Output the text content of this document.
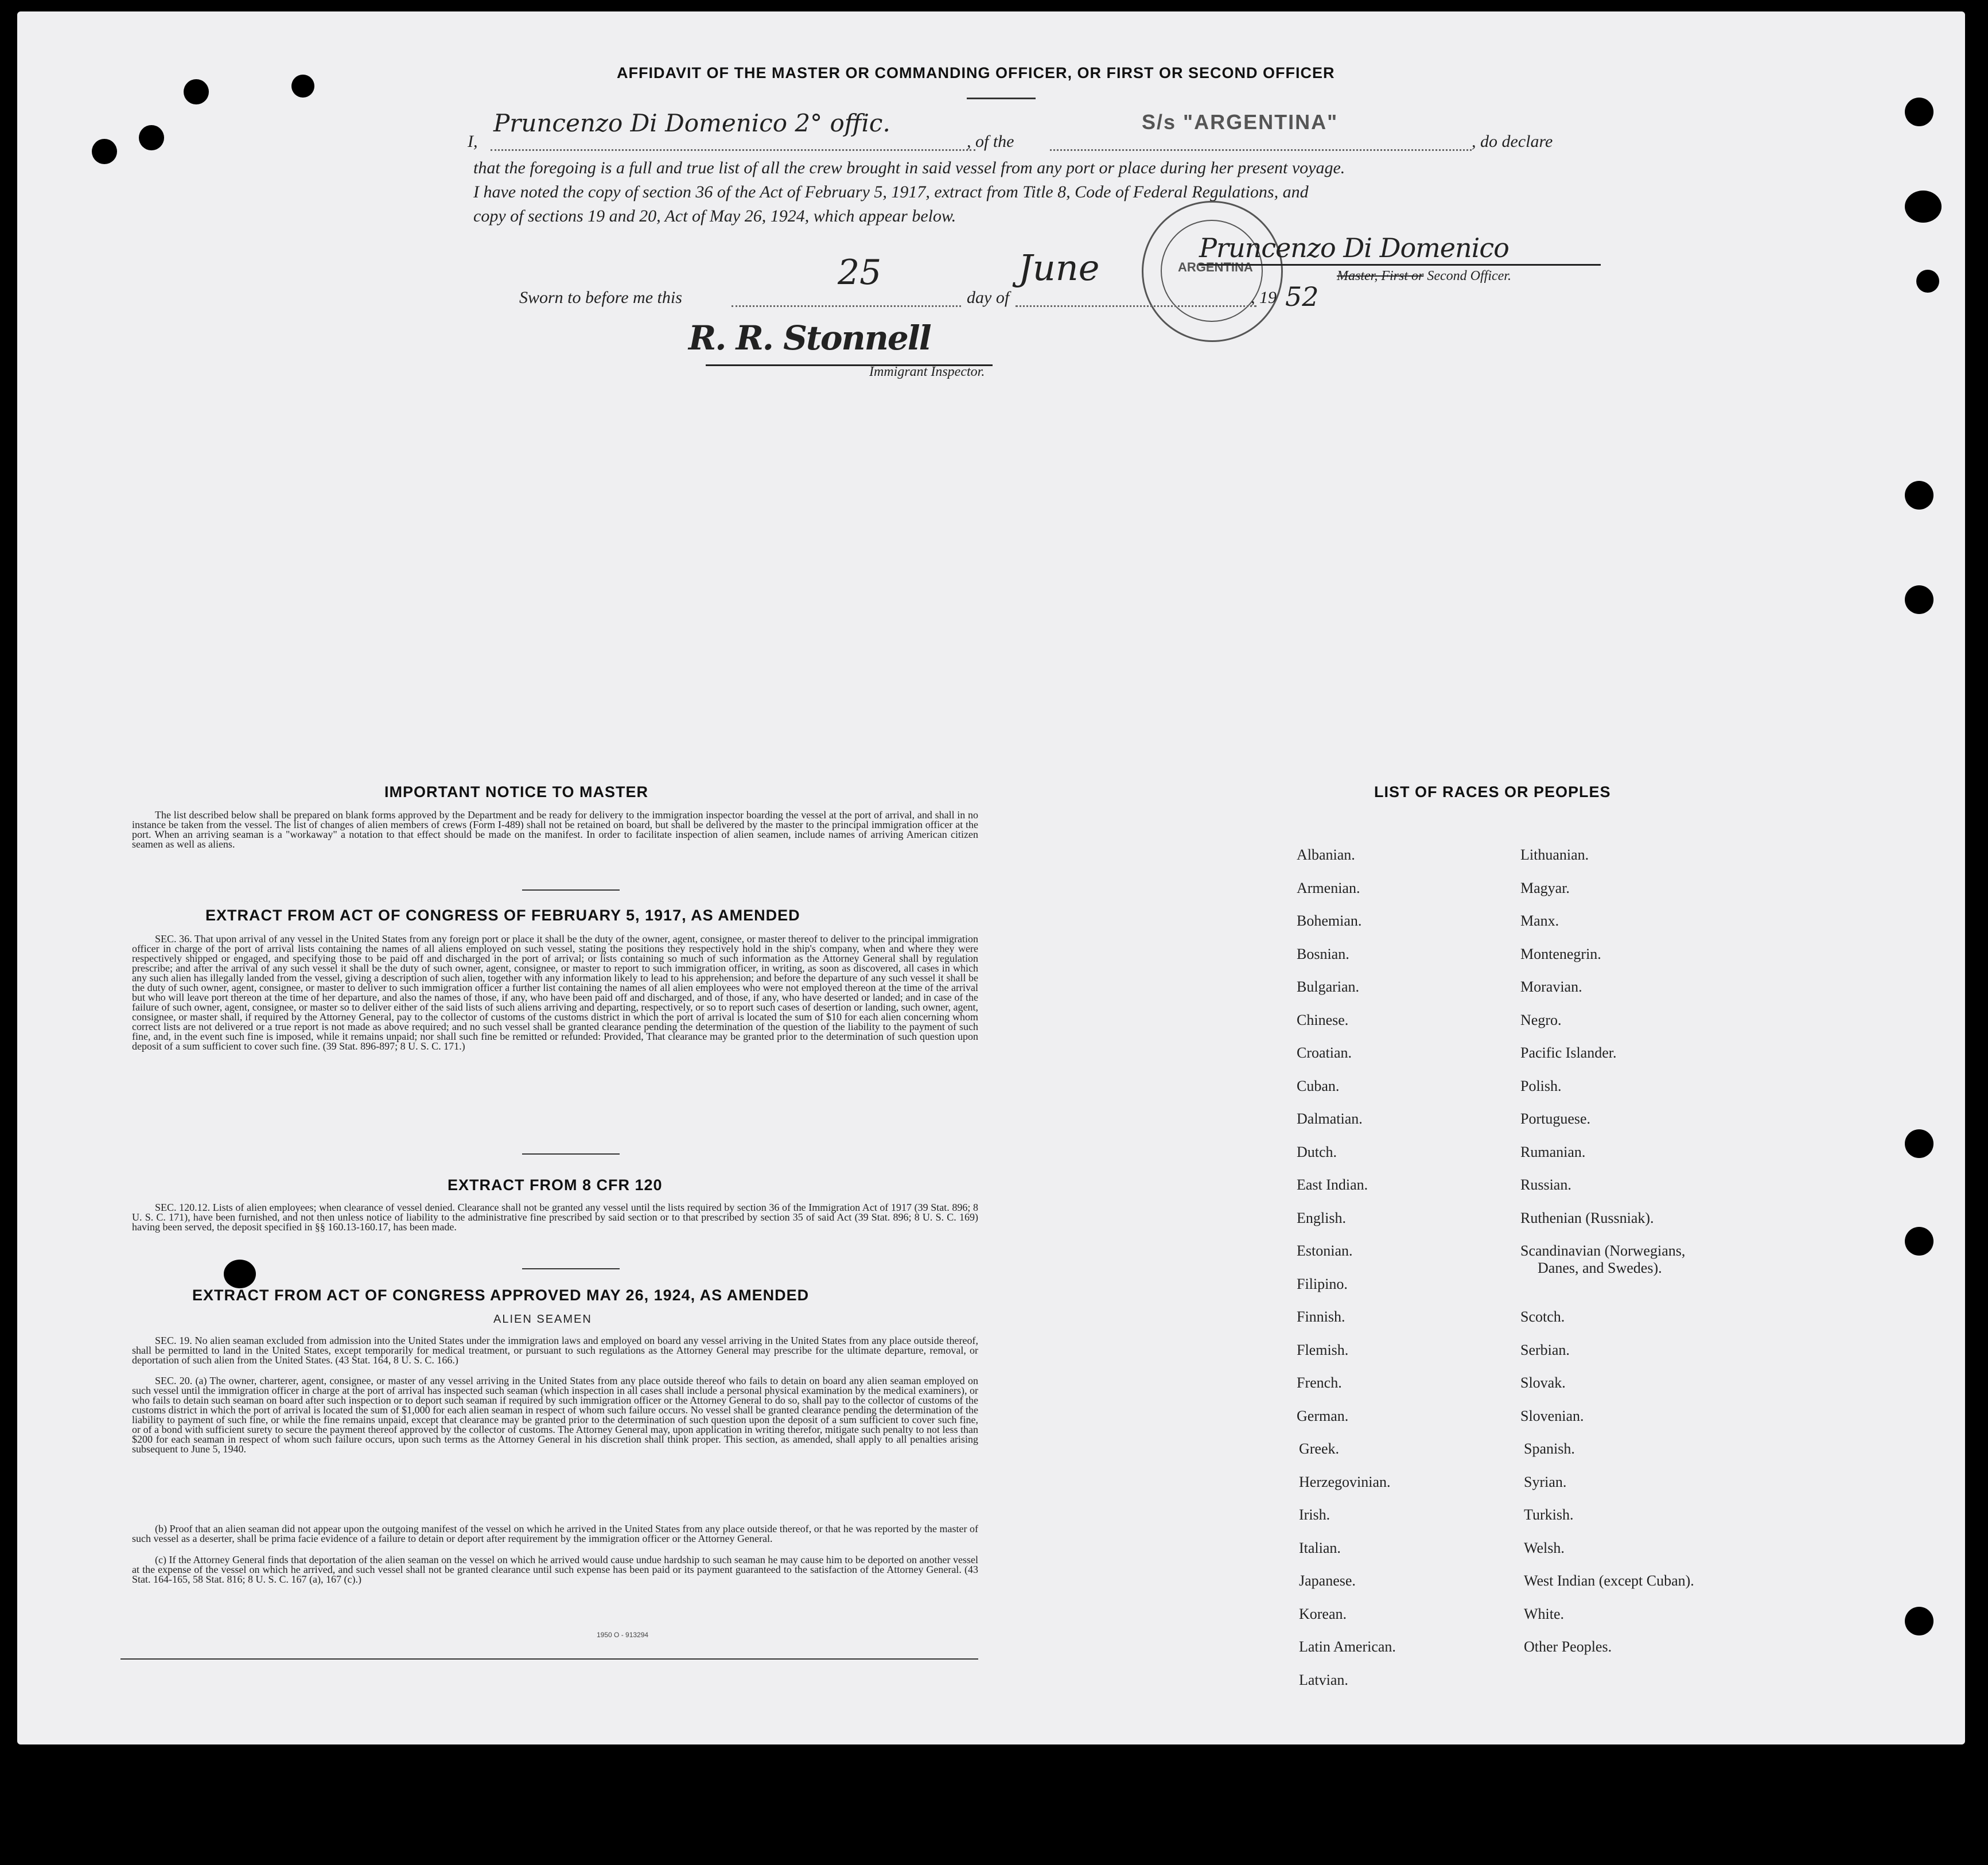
AFFIDAVIT OF THE MASTER OR COMMANDING OFFICER, OR FIRST OR SECOND OFFICER
I,
Pruncenzo Di Domenico 2° offic.
, of the
S/s "ARGENTINA"
, do declare
that the foregoing is a full and true list of all the crew brought in said vessel from any port or place during her present voyage.
I have noted the copy of section 36 of the Act of February 5, 1917, extract from Title 8, Code of Federal Regulations, and
copy of sections 19 and 20, Act of May 26, 1924, which appear below.
ARGENTINA
Pruncenzo Di Domenico
Master, First or Second Officer.
Sworn to before me this
25
day of
June
, 19 52
R. R. Stonnell
Immigrant Inspector.
IMPORTANT NOTICE TO MASTER
The list described below shall be prepared on blank forms approved by the Department and be ready for delivery to the immigration inspector boarding the vessel at the port of arrival, and shall in no instance be taken from the vessel. The list of changes of alien members of crews (Form I-489) shall not be retained on board, but shall be delivered by the master to the principal immigration officer at the port. When an arriving seaman is a "workaway" a notation to that effect should be made on the manifest. In order to facilitate inspection of alien seamen, include names of arriving American citizen seamen as well as aliens.
EXTRACT FROM ACT OF CONGRESS OF FEBRUARY 5, 1917, AS AMENDED
SEC. 36. That upon arrival of any vessel in the United States from any foreign port or place it shall be the duty of the owner, agent, consignee, or master thereof to deliver to the principal immigration officer in charge of the port of arrival lists containing the names of all aliens employed on such vessel, stating the positions they respectively hold in the ship's company, when and where they were respectively shipped or engaged, and specifying those to be paid off and discharged in the port of arrival; or lists containing so much of such information as the Attorney General shall by regulation prescribe; and after the arrival of any such vessel it shall be the duty of such owner, agent, consignee, or master to report to such immigration officer, in writing, as soon as discovered, all cases in which any such alien has illegally landed from the vessel, giving a description of such alien, together with any information likely to lead to his apprehension; and before the departure of any such vessel it shall be the duty of such owner, agent, consignee, or master to deliver to such immigration officer a further list containing the names of all alien employees who were not employed thereon at the time of the arrival but who will leave port thereon at the time of her departure, and also the names of those, if any, who have been paid off and discharged, and of those, if any, who have deserted or landed; and in case of the failure of such owner, agent, consignee, or master so to deliver either of the said lists of such aliens arriving and departing, respectively, or so to report such cases of desertion or landing, such owner, agent, consignee, or master shall, if required by the Attorney General, pay to the collector of customs of the customs district in which the port of arrival is located the sum of $10 for each alien concerning whom correct lists are not delivered or a true report is not made as above required; and no such vessel shall be granted clearance pending the determination of the question of the liability to the payment of such fine, and, in the event such fine is imposed, while it remains unpaid; nor shall such fine be remitted or refunded: Provided, That clearance may be granted prior to the determination of such question upon deposit of a sum sufficient to cover such fine. (39 Stat. 896-897; 8 U. S. C. 171.)
EXTRACT FROM 8 CFR 120
SEC. 120.12. Lists of alien employees; when clearance of vessel denied. Clearance shall not be granted any vessel until the lists required by section 36 of the Immigration Act of 1917 (39 Stat. 896; 8 U. S. C. 171), have been furnished, and not then unless notice of liability to the administrative fine prescribed by said section or to that prescribed by section 35 of said Act (39 Stat. 896; 8 U. S. C. 169) having been served, the deposit specified in §§ 160.13-160.17, has been made.
EXTRACT FROM ACT OF CONGRESS APPROVED MAY 26, 1924, AS AMENDED
ALIEN SEAMEN
SEC. 19. No alien seaman excluded from admission into the United States under the immigration laws and employed on board any vessel arriving in the United States from any place outside thereof, shall be permitted to land in the United States, except temporarily for medical treatment, or pursuant to such regulations as the Attorney General may prescribe for the ultimate departure, removal, or deportation of such alien from the United States. (43 Stat. 164, 8 U. S. C. 166.)
SEC. 20. (a) The owner, charterer, agent, consignee, or master of any vessel arriving in the United States from any place outside thereof who fails to detain on board any alien seaman employed on such vessel until the immigration officer in charge at the port of arrival has inspected such seaman (which inspection in all cases shall include a personal physical examination by the medical examiners), or who fails to detain such seaman on board after such inspection or to deport such seaman if required by such immigration officer or the Attorney General to do so, shall pay to the collector of customs of the customs district in which the port of arrival is located the sum of $1,000 for each alien seaman in respect of whom such failure occurs. No vessel shall be granted clearance pending the determination of the liability to payment of such fine, or while the fine remains unpaid, except that clearance may be granted prior to the determination of such question upon the deposit of a sum sufficient to cover such fine, or of a bond with sufficient surety to secure the payment thereof approved by the collector of customs. The Attorney General may, upon application in writing therefor, mitigate such penalty to not less than $200 for each seaman in respect of whom such failure occurs, upon such terms as the Attorney General in his discretion shall think proper. This section, as amended, shall apply to all penalties arising subsequent to June 5, 1940.
(b) Proof that an alien seaman did not appear upon the outgoing manifest of the vessel on which he arrived in the United States from any place outside thereof, or that he was reported by the master of such vessel as a deserter, shall be prima facie evidence of a failure to detain or deport after requirement by the immigration officer or the Attorney General.
(c) If the Attorney General finds that deportation of the alien seaman on the vessel on which he arrived would cause undue hardship to such seaman he may cause him to be deported on another vessel at the expense of the vessel on which he arrived, and such vessel shall not be granted clearance until such expense has been paid or its payment guaranteed to the satisfaction of the Attorney General. (43 Stat. 164-165, 58 Stat. 816; 8 U. S. C. 167 (a), 167 (c).)
1950 O - 913294
LIST OF RACES OR PEOPLES
Albanian.
Armenian.
Bohemian.
Bosnian.
Bulgarian.
Chinese.
Croatian.
Cuban.
Dalmatian.
Dutch.
East Indian.
English.
Estonian.
Filipino.
Finnish.
Flemish.
French.
German.
Greek.
Herzegovinian.
Irish.
Italian.
Japanese.
Korean.
Latin American.
Latvian.
Lithuanian.
Magyar.
Manx.
Montenegrin.
Moravian.
Negro.
Pacific Islander.
Polish.
Portuguese.
Rumanian.
Russian.
Ruthenian (Russniak).
Scandinavian (Norwegians,
Danes, and Swedes).
Scotch.
Serbian.
Slovak.
Slovenian.
Spanish.
Syrian.
Turkish.
Welsh.
West Indian (except Cuban).
White.
Other Peoples.
